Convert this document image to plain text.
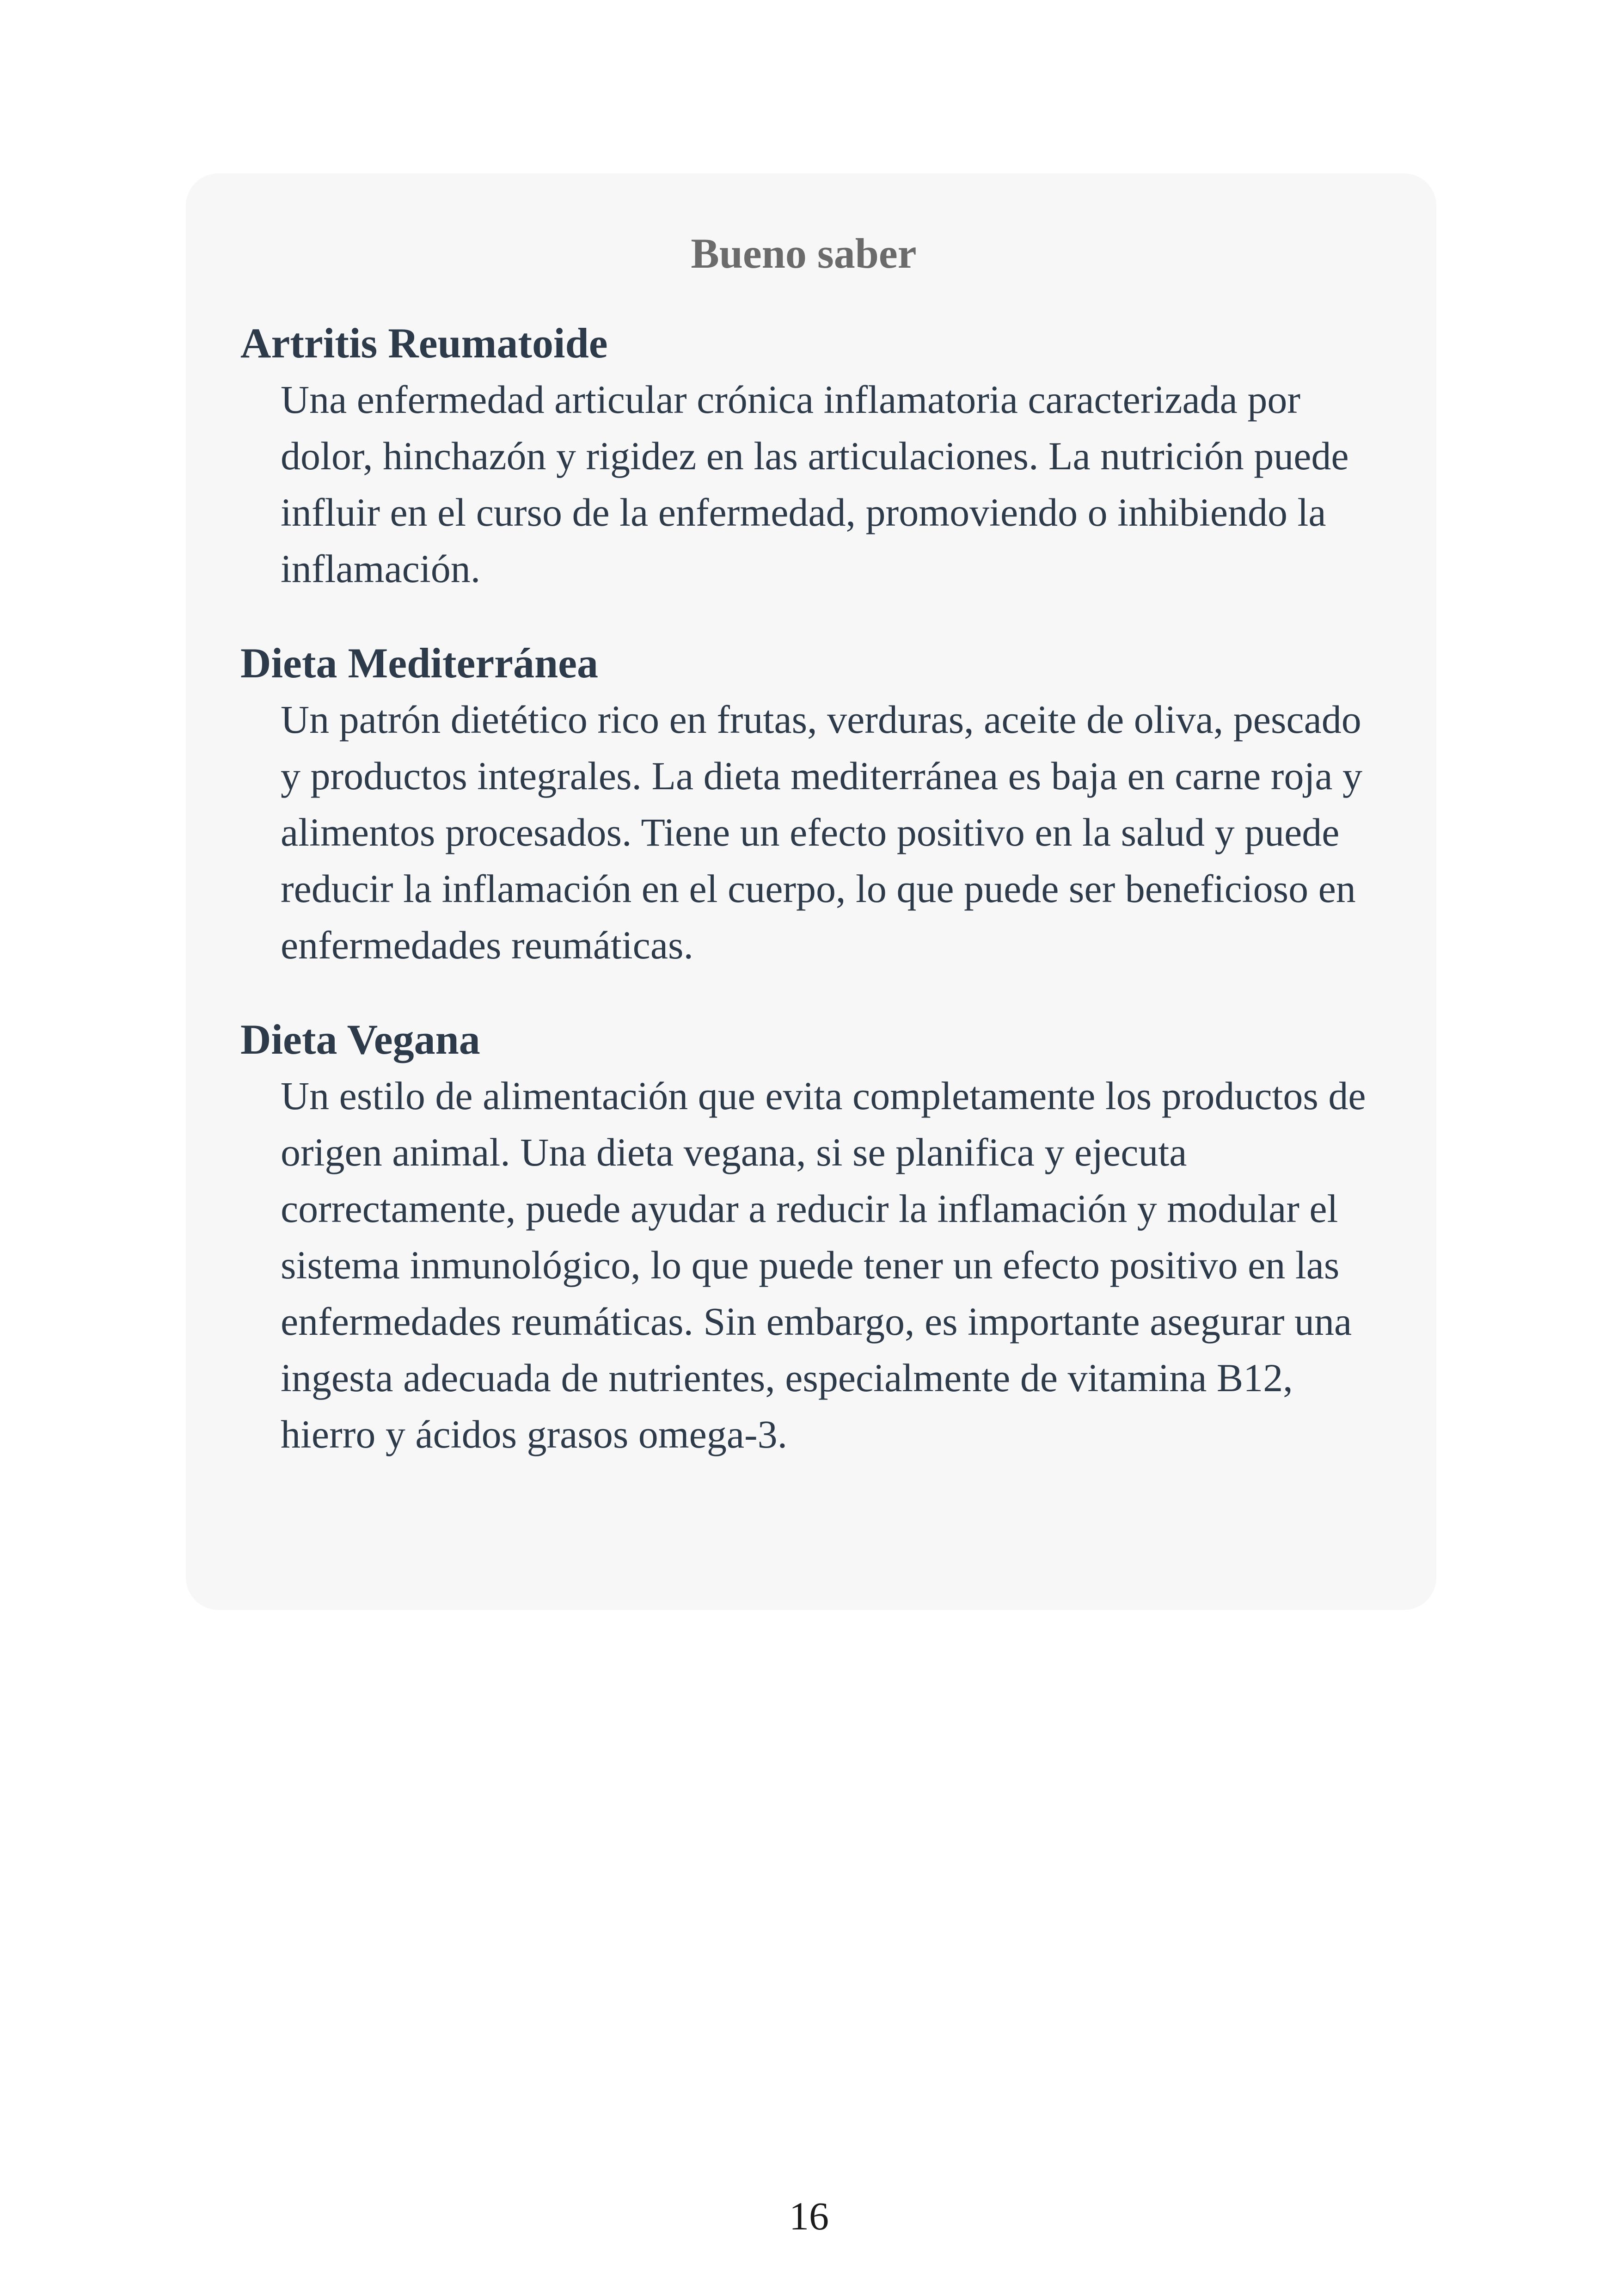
Bueno saber
Artritis Reumatoide
Una enfermedad articular crónica inflamatoria caracterizada por dolor, hinchazón y rigidez en las articulaciones. La nutrición puede influir en el curso de la enfermedad, promoviendo o inhibiendo la inflamación.
Dieta Mediterránea
Un patrón dietético rico en frutas, verduras, aceite de oliva, pescado y productos integrales. La dieta mediterránea es baja en carne roja y alimentos procesados. Tiene un efecto positivo en la salud y puede reducir la inflamación en el cuerpo, lo que puede ser beneficioso en enfermedades reumáticas.
Dieta Vegana
Un estilo de alimentación que evita completamente los productos de origen animal. Una dieta vegana, si se planifica y ejecuta correctamente, puede ayudar a reducir la inflamación y modular el sistema inmunológico, lo que puede tener un efecto positivo en las enfermedades reumáticas. Sin embargo, es importante asegurar una ingesta adecuada de nutrientes, especialmente de vitamina B12, hierro y ácidos grasos omega-3.
16
